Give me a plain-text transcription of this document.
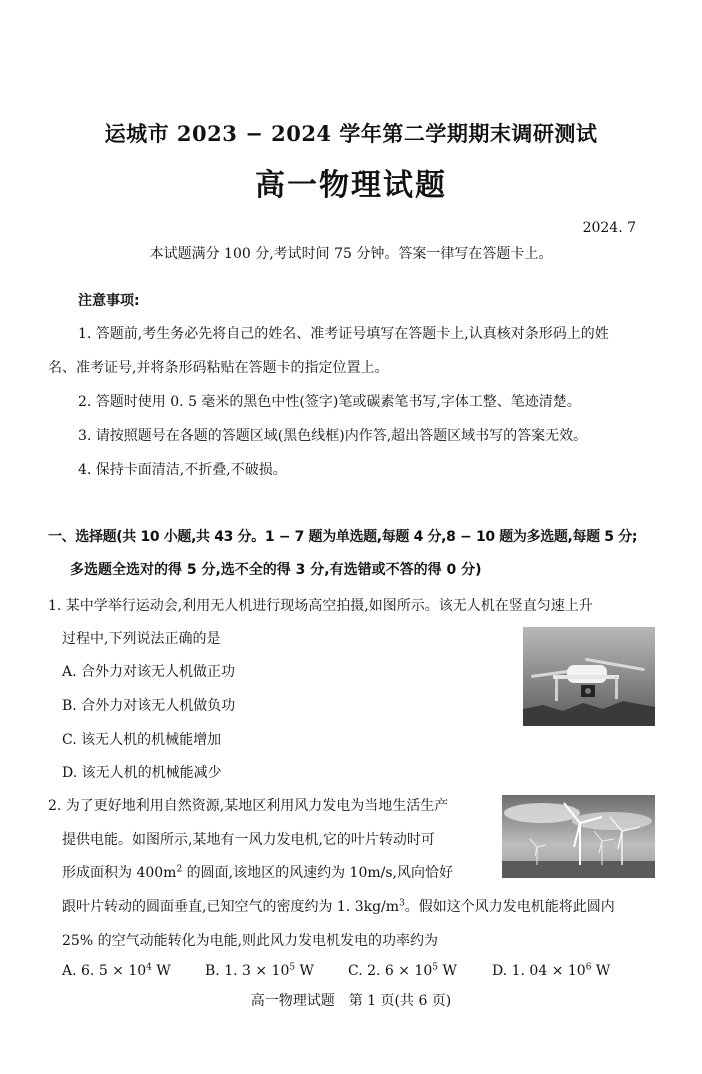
运城市 2023 − 2024 学年第二学期期末调研测试
高一物理试题
2024. 7
本试题满分 100 分,考试时间 75 分钟。答案一律写在答题卡上。
注意事项:
1. 答题前,考生务必先将自己的姓名、准考证号填写在答题卡上,认真核对条形码上的姓
名、准考证号,并将条形码粘贴在答题卡的指定位置上。
2. 答题时使用 0. 5 毫米的黑色中性(签字)笔或碳素笔书写,字体工整、笔迹清楚。
3. 请按照题号在各题的答题区域(黑色线框)内作答,超出答题区域书写的答案无效。
4. 保持卡面清洁,不折叠,不破损。
一、选择题(共 10 小题,共 43 分。1 − 7 题为单选题,每题 4 分,8 − 10 题为多选题,每题 5 分;
多选题全选对的得 5 分,选不全的得 3 分,有选错或不答的得 0 分)
1. 某中学举行运动会,利用无人机进行现场高空拍摄,如图所示。该无人机在竖直匀速上升
过程中,下列说法正确的是
A. 合外力对该无人机做正功
B. 合外力对该无人机做负功
C. 该无人机的机械能增加
D. 该无人机的机械能减少
2. 为了更好地利用自然资源,某地区利用风力发电为当地生活生产
提供电能。如图所示,某地有一风力发电机,它的叶片转动时可
形成面积为 $400m^2$ 的圆面,该地区的风速约为 10m/s,风向恰好
跟叶片转动的圆面垂直,已知空气的密度约为 1. $3kg/m^3$。假如这个风力发电机能将此圆内
25% 的空气动能转化为电能,则此风力发电机发电的功率约为
A. 6. $5 \times 10^4$ W B. 1. $3 \times 10^5$ W C. 2. $6 \times 10^5$ W	D. 1. $04 \times 10^6$ W
高一物理试题　第 1 页(共 6 页)
